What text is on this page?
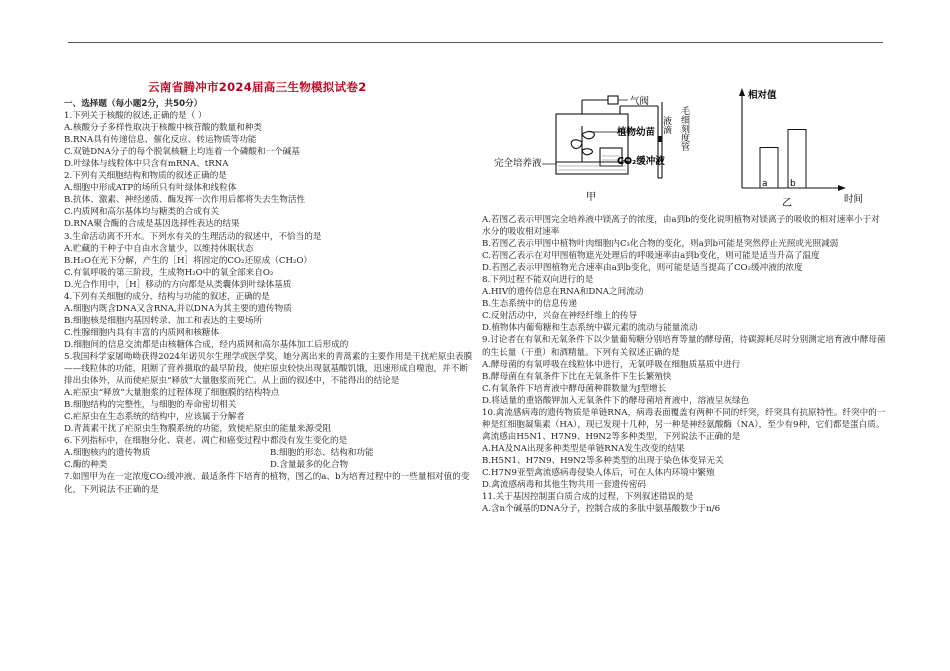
云南省腾冲市2024届高三生物模拟试卷2
一、选择题（每小题2分，共50分）
1.下列关于核酸的叙述,正确的是（ ）
A.核酸分子多样性取决于核酸中核苷酸的数量和种类
B.RNA具有传递信息、催化反应、转运物质等功能
C.双链DNA分子的每个脱氧核糖上均连着一个磷酸和一个碱基
D.叶绿体与线粒体中只含有mRNA、tRNA
2.下列有关细胞结构和物质的叙述正确的是
A.细胞中形成ATP的场所只有叶绿体和线粒体
B.抗体、激素、神经递质、酶发挥一次作用后都将失去生物活性
C.内质网和高尔基体均与糖类的合成有关
D.RNA聚合酶的合成是基因选择性表达的结果
3.生命活动离不开水。下列水有关的生理活动的叙述中，不恰当的是
A.贮藏的干种子中自由水含量少，以维持休眠状态
B.H₂O在光下分解，产生的［H］将固定的CO₂还原成（CH₂O）
C.有氧呼吸的第三阶段，生成物H₂O中的氧全部来自O₂
D.光合作用中，［H］移动的方向都是从类囊体到叶绿体基质
4.下列有关细胞的成分、结构与功能的叙述，正确的是
A.细胞内既含DNA又含RNA,并以DNA为其主要的遗传物质
B.细胞核是细胞内基因转录、加工和表达的主要场所
C.性腺细胞内具有丰富的内质网和核糖体
D.细胞间的信息交流都是由核糖体合成，经内质网和高尔基体加工后形成的
5.我国科学家屠呦呦获得2024年诺贝尔生理学或医学奖，她分离出来的青蒿素的主要作用是干扰疟原虫表膜——线粒体的功能，阻断了营养摄取的最早阶段，使疟原虫较快出现氨基酸饥饿，迅速形成自噬泡，并不断排出虫体外，从而使疟原虫“释放”大量胞浆而死亡。从上面的叙述中，不能得出的结论是
A.疟原虫“释放”大量胞浆的过程体现了细胞膜的结构特点
B.细胞结构的完整性，与细胞的寿命密切相关
C.疟原虫在生态系统的结构中，应该属于分解者
D.青蒿素干扰了疟原虫生物膜系统的功能，致使疟原虫的能量来源受阻
6.下列指标中，在细胞分化、衰老、凋亡和癌变过程中都没有发生变化的是
A.细胞核内的遗传物质	B.细胞的形态、结构和功能
C.酶的种类	D.含量最多的化合物
7.如图甲为在一定浓度CO₂缓冲液、最适条件下培育的植物，图乙的a、b为培育过程中的一些量相对值的变化，下列说法不正确的是
气阀
植物幼苗 液滴 毛细刻度管
完全培养液	CO₂缓冲液
甲
相对值
时间
乙
a b
A.若图乙表示甲图完全培养液中镁离子的浓度，由a到b的变化说明植物对镁离子的吸收的相对速率小于对水分的吸收相对速率
B.若图乙表示甲图中植物叶肉细胞内C₃化合物的变化，则a到b可能是突然停止光照或光照减弱
C.若图乙表示在对甲图植物遮光处理后的呼吸速率由a到b变化，则可能是适当升高了温度
D.若图乙表示甲图植物光合速率由a到b变化，则可能是适当提高了CO₂缓冲液的浓度
8.下列过程不能双向进行的是
A.HIV的遗传信息在RNA和DNA之间流动
B.生态系统中的信息传递
C.反射活动中，兴奋在神经纤维上的传导
D.植物体内葡萄糖和生态系统中碳元素的流动与能量流动
9.讨论者在有氧和无氧条件下以少量葡萄糖分别培育等量的酵母菌，待碳源耗尽时分别测定培育液中酵母菌的生长量（干重）和酒精量。下列有关叙述正确的是
A.酵母菌的有氧呼吸在线粒体中进行，无氧呼吸在细胞质基质中进行
B.酵母菌在有氧条件下比在无氧条件下生长繁殖快
C.有氧条件下培育液中酵母菌种群数量为J型增长
D.将适量的重铬酸钾加入无氧条件下的酵母菌培育液中，溶液呈灰绿色
10.禽流感病毒的遗传物质是单链RNA，病毒表面覆盖有两种不同的纤突，纤突具有抗原特性。纤突中的一种是红细胞凝集素（HA），现已发现十几种，另一种是神经氨酸酶（NA），至少有9种，它们都是蛋白质。禽流感由H5N1、H7N9、H9N2等多种类型，下列说法不正确的是
A.HA及NA出现多种类型是单链RNA发生改变的结果
B.H5N1、H7N9、H9N2等多种类型的出现于染色体变异无关
C.H7N9亚型禽流感病毒侵染人体后，可在人体内环境中繁殖
D.禽流感病毒和其他生物共用一套遗传密码
11.关于基因控制蛋白质合成的过程，下列叙述错误的是
A.含n个碱基的DNA分子，控制合成的多肽中氨基酸数少于n/6
